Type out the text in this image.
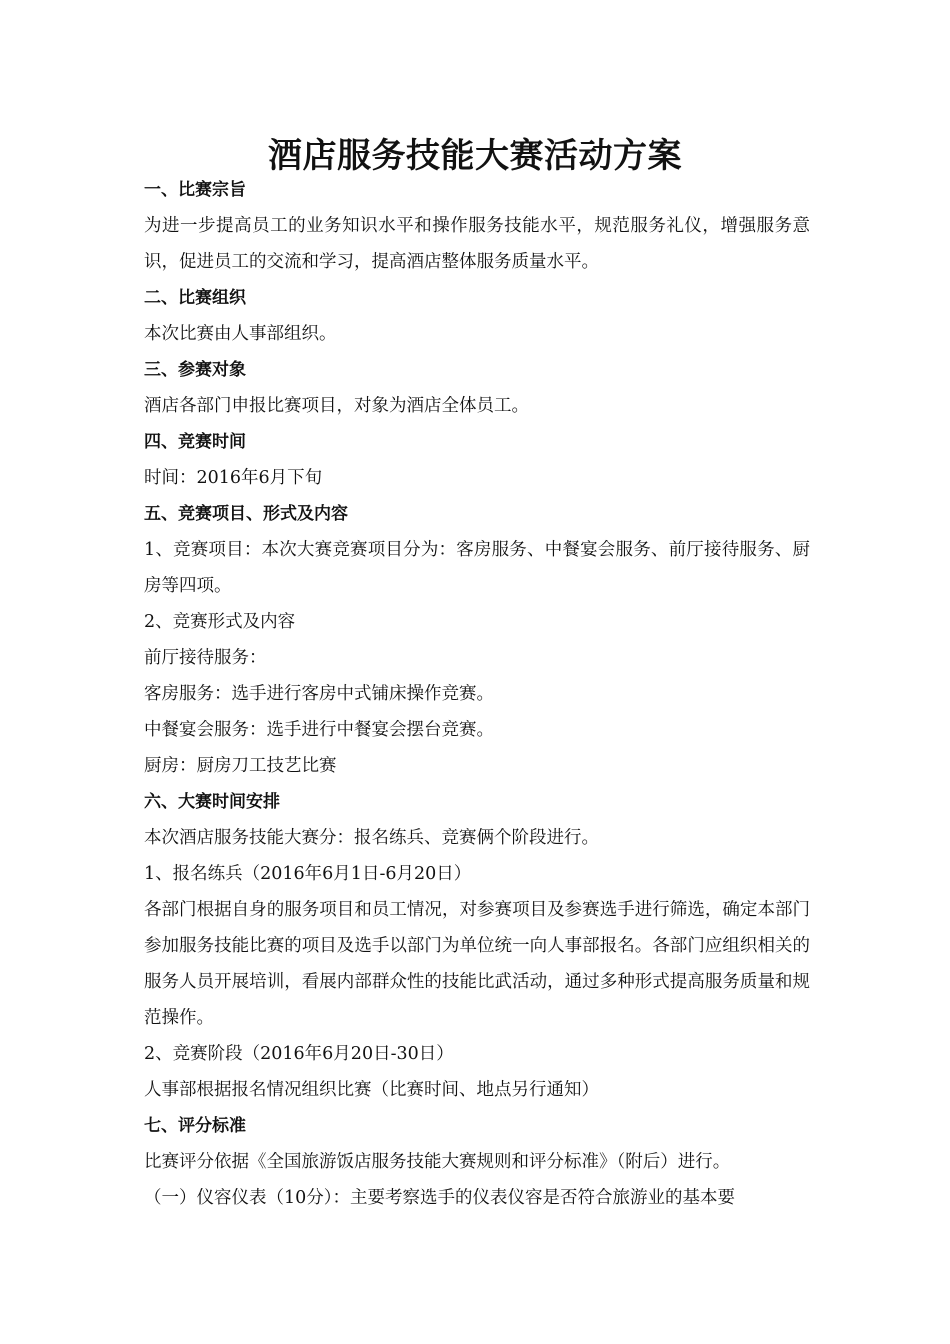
酒店服务技能大赛活动方案
一、比赛宗旨
为进一步提高员工的业务知识水平和操作服务技能水平，规范服务礼仪，增强服务意识，促进员工的交流和学习，提高酒店整体服务质量水平。
二、比赛组织
本次比赛由人事部组织。
三、参赛对象
酒店各部门申报比赛项目，对象为酒店全体员工。
四、竞赛时间
时间：2016年6月下旬
五、竞赛项目、形式及内容
1、竞赛项目：本次大赛竞赛项目分为：客房服务、中餐宴会服务、前厅接待服务、厨房等四项。
2、竞赛形式及内容
前厅接待服务：
客房服务：选手进行客房中式铺床操作竞赛。
中餐宴会服务：选手进行中餐宴会摆台竞赛。
厨房：厨房刀工技艺比赛
六、大赛时间安排
本次酒店服务技能大赛分：报名练兵、竞赛俩个阶段进行。
1、报名练兵（2016年6月1日-6月20日）
各部门根据自身的服务项目和员工情况，对参赛项目及参赛选手进行筛选，确定本部门参加服务技能比赛的项目及选手以部门为单位统一向人事部报名。各部门应组织相关的服务人员开展培训，看展内部群众性的技能比武活动，通过多种形式提高服务质量和规范操作。
2、竞赛阶段（2016年6月20日-30日）
人事部根据报名情况组织比赛（比赛时间、地点另行通知）
七、评分标准
比赛评分依据《全国旅游饭店服务技能大赛规则和评分标准》（附后）进行。
（一）仪容仪表（10分）：主要考察选手的仪表仪容是否符合旅游业的基本要
